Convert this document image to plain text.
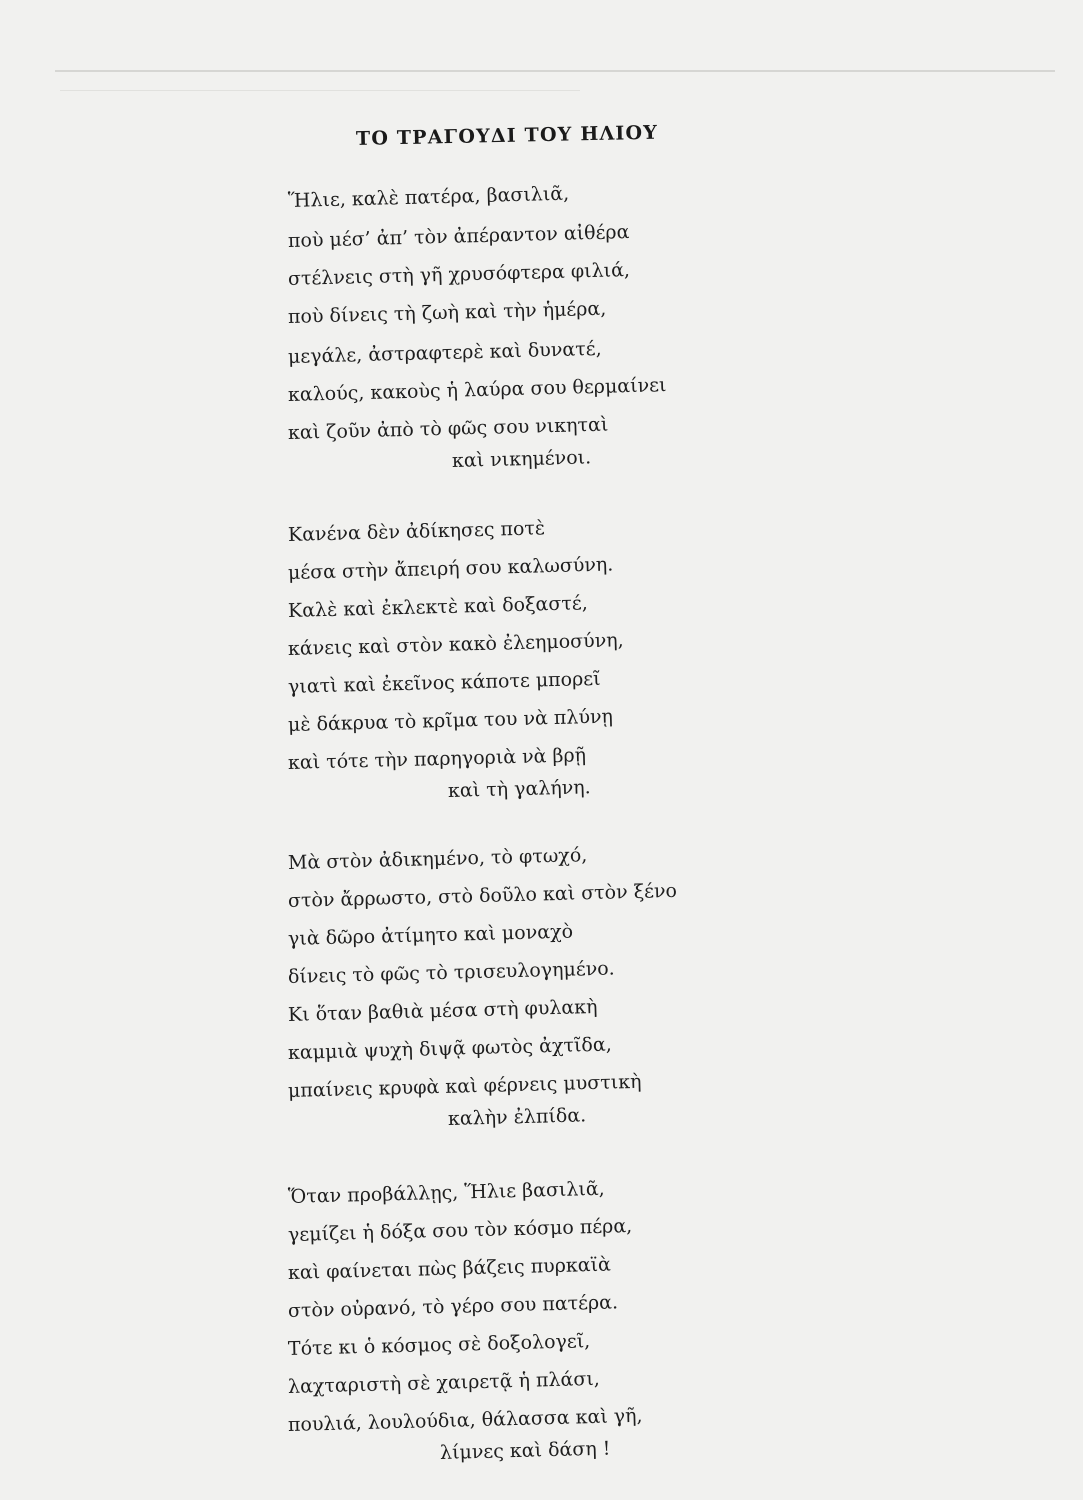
ΤΟ ΤΡΑΓΟΥΔΙ ΤΟΥ ΗΛΙΟΥ
Ἥλιε, καλὲ πατέρα, βασιλιᾶ,
ποὺ μέσ’ ἀπ’ τὸν ἀπέραντον αἰθέρα
στέλνεις στὴ γῆ χρυσόφτερα φιλιά,
ποὺ δίνεις τὴ ζωὴ καὶ τὴν ἡμέρα,
μεγάλε, ἀστραφτερὲ καὶ δυνατέ,
καλούς, κακοὺς ἡ λαύρα σου θερμαίνει
καὶ ζοῦν ἀπὸ τὸ φῶς σου νικηταὶ
καὶ νικημένοι.
Κανένα δὲν ἀδίκησες ποτὲ
μέσα στὴν ἄπειρή σου καλωσύνη.
Καλὲ καὶ ἐκλεκτὲ καὶ δοξαστέ,
κάνεις καὶ στὸν κακὸ ἐλεημοσύνη,
γιατὶ καὶ ἐκεῖνος κάποτε μπορεῖ
μὲ δάκρυα τὸ κρῖμα του νὰ πλύνῃ
καὶ τότε τὴν παρηγοριὰ νὰ βρῇ
καὶ τὴ γαλήνη.
Μὰ στὸν ἀδικημένο, τὸ φτωχό,
στὸν ἄρρωστο, στὸ δοῦλο καὶ στὸν ξένο
γιὰ δῶρο ἀτίμητο καὶ μοναχὸ
δίνεις τὸ φῶς τὸ τρισευλογημένο.
Κι ὅταν βαθιὰ μέσα στὴ φυλακὴ
καμμιὰ ψυχὴ διψᾷ φωτὸς ἀχτῖδα,
μπαίνεις κρυφὰ καὶ φέρνεις μυστικὴ
καλὴν ἐλπίδα.
Ὅταν προβάλλῃς, Ἥλιε βασιλιᾶ,
γεμίζει ἡ δόξα σου τὸν κόσμο πέρα,
καὶ φαίνεται πὼς βάζεις πυρκαϊὰ
στὸν οὐρανό, τὸ γέρο σου πατέρα.
Τότε κι ὁ κόσμος σὲ δοξολογεῖ,
λαχταριστὴ σὲ χαιρετᾷ ἡ πλάσι,
πουλιά, λουλούδια, θάλασσα καὶ γῆ,
λίμνες καὶ δάση !
